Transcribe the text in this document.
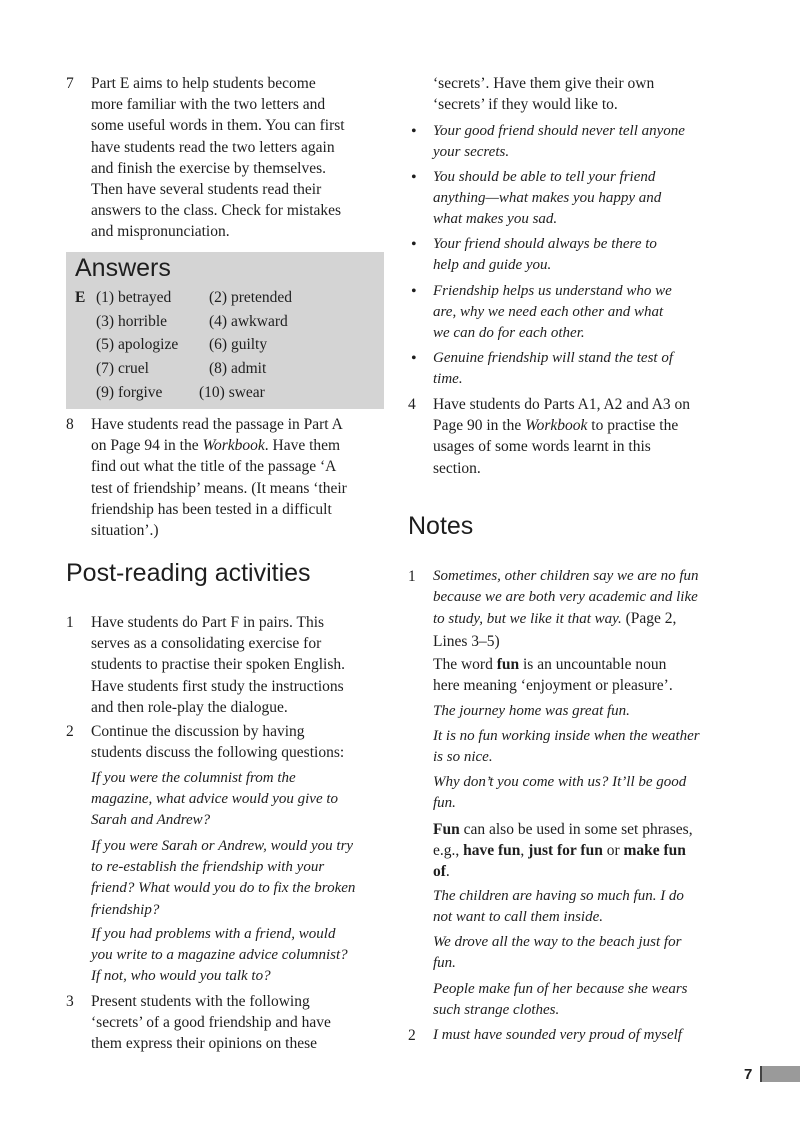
7	Part E aims to help students become

more familiar with the two letters and

some useful words in them. You can first

have students read the two letters again

and finish the exercise by themselves.

Then have several students read their

answers to the class. Check for mistakes

and mispronunciation.

Answers
E (1) betrayed (2) pretended
(3) horrible	(4) awkward
(5) apologize (6) guilty
(7) cruel	(8) admit
(9) forgive (10) swear
8	Have students read the passage in Part A

on Page 94 in the Workbook. Have them

find out what the title of the passage ‘A

test of friendship’ means. (It means ‘their

friendship has been tested in a difficult

situation’.)

Post-reading activities
1	Have students do Part F in pairs. This

serves as a consolidating exercise for

students to practise their spoken English.

Have students first study the instructions

and then role-play the dialogue.

2	Continue the discussion by having

students discuss the following questions:

If you were the columnist from the

magazine, what advice would you give to

Sarah and Andrew?

If you were Sarah or Andrew, would you try

to re-establish the friendship with your

friend? What would you do to fix the broken

friendship?

If you had problems with a friend, would

you write to a magazine advice columnist?

If not, who would you talk to?

3	Present students with the following

‘secrets’ of a good friendship and have

them express their opinions on these

‘secrets’. Have them give their own

‘secrets’ if they would like to.

• Your good friend should never tell anyone
your secrets.
• You should be able to tell your friend
anything—what makes you happy and
what makes you sad.
• Your friend should always be there to
help and guide you.
• Friendship helps us understand who we
are, why we need each other and what
we can do for each other.
• Genuine friendship will stand the test of
time.
4	Have students do Parts A1, A2 and A3 on

Page 90 in the Workbook to practise the

usages of some words learnt in this

section.

Notes
1	Sometimes, other children say we are no fun

because we are both very academic and like

to study, but we like it that way. (Page 2,

Lines 3–5)

The word fun is an uncountable noun

here meaning ‘enjoyment or pleasure’.

The journey home was great fun.

It is no fun working inside when the weather

is so nice.

Why don’t you come with us? It’ll be good

fun.

Fun can also be used in some set phrases,

e.g., have fun, just for fun or make fun

of.

The children are having so much fun. I do

not want to call them inside.

We drove all the way to the beach just for

fun.

People make fun of her because she wears

such strange clothes.

2	I must have sounded very proud of myself
7
